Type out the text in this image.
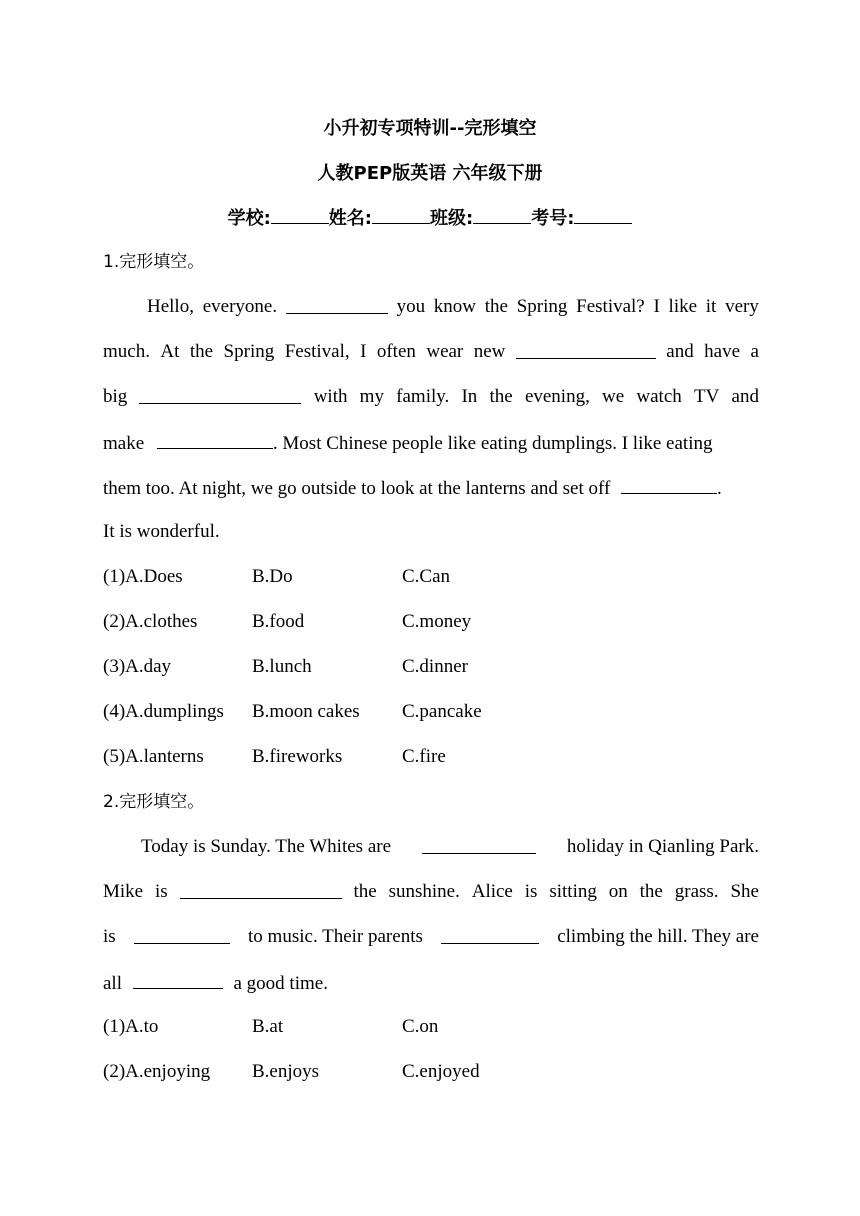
小升初专项特训--完形填空
人教PEP版英语 六年级下册
学校:	姓名:	班级:	考号:
1.完形填空。
Hello, everyone.	you know the Spring Festival? I like it very
much. At the Spring Festival, I often wear new	and have a
big	with my family. In the evening, we watch TV and
make	. Most Chinese people like eating dumplings. I like eating
them too. At night, we go outside to look at the lanterns and set off	.
It is wonderful.
(1)A.Does	B.Do	C.Can
(2)A.clothes	B.food	C.money
(3)A.day	B.lunch	C.dinner
(4)A.dumplings B.moon cakes C.pancake
(5)A.lanterns	B.fireworks	C.fire
2.完形填空。
Today is Sunday. The Whites are	holiday in Qianling Park.
Mike is	the sunshine. Alice is sitting on the grass. She
is	to music. Their parents	climbing the hill. They are
all	a good time.
(1)A.to	B.at	C.on
(2)A.enjoying B.enjoys	C.enjoyed
